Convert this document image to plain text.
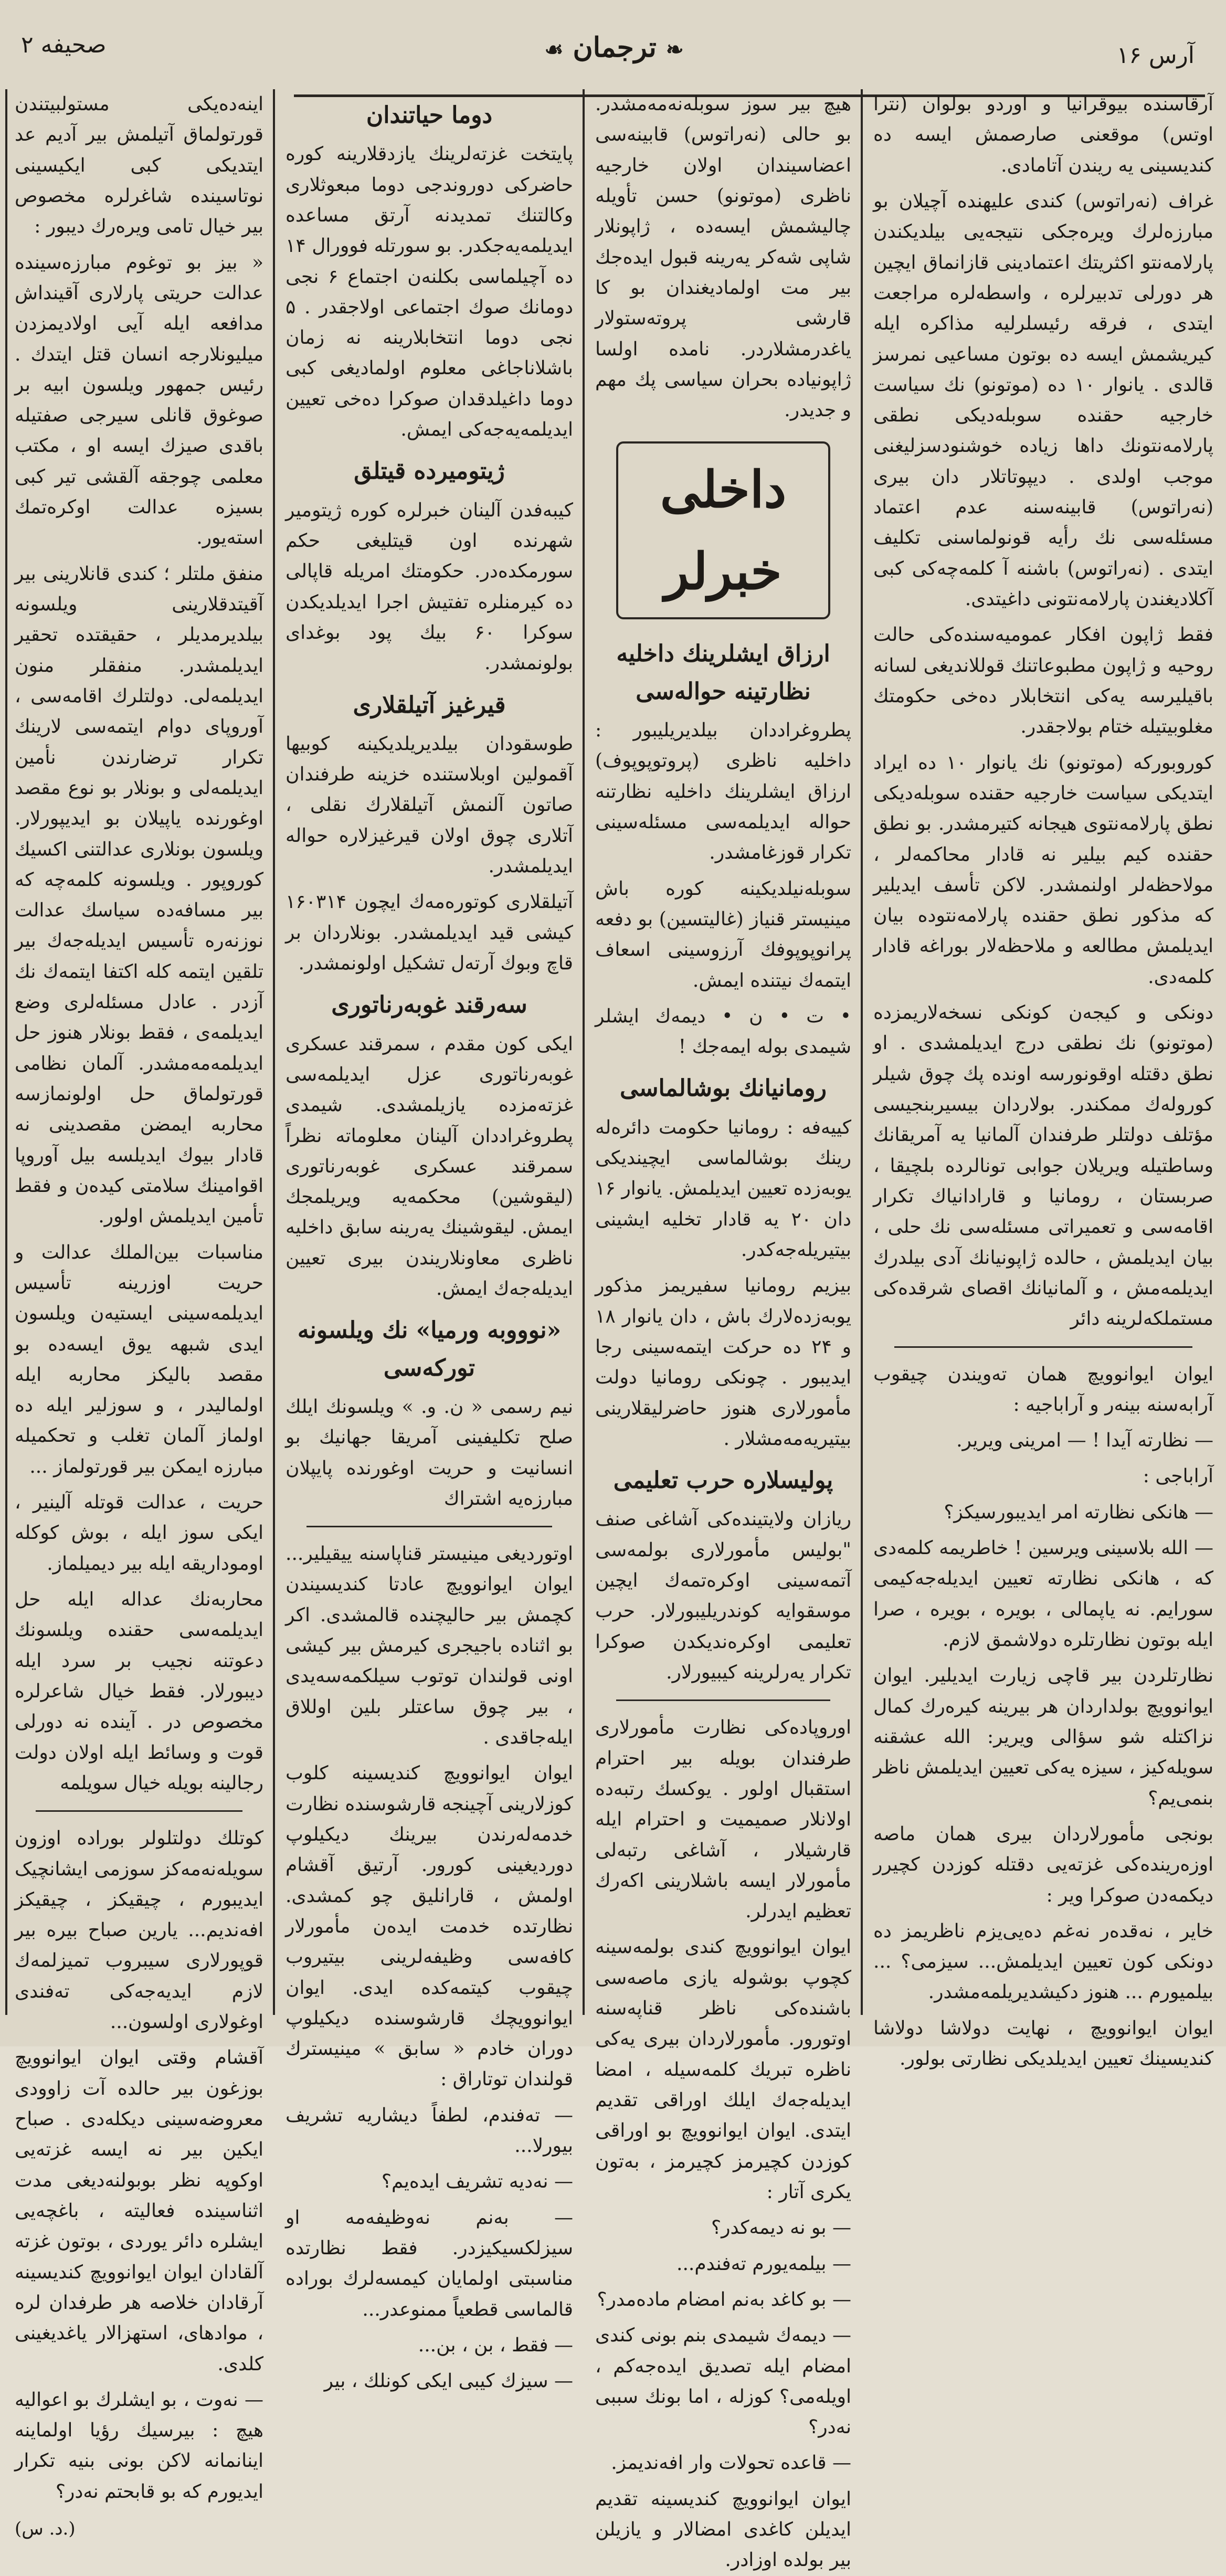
آرس ۱۶
❧ ترجمان ☙
صحیفه ۲

آرقاسنده بیوقرانیا و اوردو بولوان (نترا اوتس) موقعنی صارصمش ایسه ده کندیسینی یه ریندن آتامادی.

غراف (نه‌راتوس) کندی علیهنده آچیلان بو مبارزه‌لرك ویره‌جکی نتیجه‌یی بیلدیکندن پارلامه‌نتو اکثریتك اعتمادینی قازانماق ایچین هر دورلی تدبیرلره ، واسطه‌لره مراجعت ایتدی ، فرقه رئیسلرلیه مذاکره ایله کیریشمش ایسه ده بوتون مساعیی نمرسز قالدی . یانوار ۱۰ ده (موتونو) نك سیاست خارجیه حقنده سوبله‌دیکی نطقی پارلامه‌نتونك داها زیاده خوشنودسزلیغنی موجب اولدی . دیپوتاتلار دان بیری (نه‌راتوس) قابینه‌سنه عدم اعتماد مسئله‌سی نك رأیه قونولماسنی تکلیف ایتدی . (نه‌راتوس) باشنه آ کلمه‌چه‌کی کبی آکلادیغندن پارلامه‌نتونی داغیتدی.

فقط ژاپون افکار عمومیه‌سنده‌کی حالت روحیه و ژاپون مطبوعاتنك قوللانديغی لسانه باقیلیرسه یه‌کی انتخابلار ده‌خی حکومتك مغلوبیتیله ختام بولاجقدر.

کوروبورکه (موتونو) نك یانوار ۱۰ ده ایراد ایتدیکی سیاست خارجیه حقنده سوبله‌دیکی نطق پارلامه‌نتوی هیجانه کتیرمشدر. بو نطق حقنده کیم بیلیر نه قادار محاکمه‌لر ، مولاحظه‌لر اولنمشدر. لاکن تأسف ایدیلیر که مذکور نطق حقنده پارلامه‌نتوده بیان ایدیلمش مطالعه و ملاحظه‌لار بوراغه قادار کلمه‌دی.

دونکی و کیجه‌ن کونکی نسخه‌لاریمزده (موتونو) نك نطقی درج ایدیلمشدی . او نطق دقتله اوقونورسه اونده پك چوق شیلر کوروله‌ك ممکندر. بولاردان بیسیربنجیسی مؤتلف دولتلر طرفندان آلمانیا یه آمریقانك وساطتیله ویریلان جوابی تونالرده بلچیقا ، صربستان ، رومانیا و قارادانیاك تکرار اقامه‌سی و تعمیراتی مسئله‌سی نك حلی ، بیان ایدیلمش ، حالده ژاپونیانك آدی بیلدرك ایدیلمه‌مش ، و آلمانیانك اقصای شرقده‌کی مستملکه‌لرینه دائر

ایوان ایوانوویچ همان ته‌ویندن چیقوب آرابه‌سنه بینه‌ر و آراباجیه :

— نظارته آیدا ! — امرینی ویریر.

آراباجی :

— هانکی نظارته امر ایدیبورسیکز؟

— الله بلاسینی ویرسین ! خاطریمه کلمه‌دی که ، هانکی نظارته تعیین ایدیله‌جه‌کیمی سورایم. نه یاپمالی ، بویره ، بویره ، صرا ایله بوتون نظارتلره دولاشمق لازم.

نظارتلردن بیر قاچی زیارت ایدیلیر. ایوان ایوانوویچ بولداردان هر بیرینه کیره‌رك کمال نزاکتله شو سؤالی ویریر: الله عشقنه سویله‌کیز ، سیزه یه‌کی تعیین ایدیلمش ناظر بنمی‌یم؟

بونجی مأمورلاردان بیری همان ماصه اوزه‌رینده‌کی غزته‌یی دقتله کوزدن کچیرر دیکمه‌دن صوکرا ویر :

خایر ، نه‌قده‌ر نه‌غم ده‌یی‌یزم ناظریمز ده دونکی کون تعیین ایدیلمش... سیزمی؟ ... بیلمیورم ... هنوز دکیشدیریلمه‌مشدر.

ایوان ایوانوویچ ، نهایت دولاشا دولاشا کندیسینك تعیین ایدیلدیکی نظارتی بولور.

هیچ بیر سوز سوبله‌نه‌مه‌مشدر. بو حالی (نه‌راتوس) قابینه‌سی اعضاسیندان اولان خارجیه ناظری (موتونو) حسن تأویله چالیشمش ایسه‌ده ، ژاپونلار شاپی شه‌کر یه‌رینه قبول ایده‌جك بیر مت اولمادیغندان بو کا قارشی پروته‌ستولار یاغدرمشلاردر. نامده اولسا ژاپونیاده بحران سیاسی پك مهم و جدیدر.

داخلی خبرلر
ارزاق ایشلرینك داخلیه نظارتینه حواله‌سی

پطروغراددان بیلدیریلیبور : داخلیه ناظری (پروتوپوپوف) ارزاق ایشلرینك داخلیه نظارتنه حواله ایدیلمه‌سی مسئله‌سینی تکرار قوزغامشدر.

سوبله‌نیلدیکینه کوره باش مینیستر قنیاز (غالیتسین) بو دفعه پرانوپوپوفك آرزوسینی اسعاف ایتمه‌ك نیتنده ایمش.

• ت • ن • دیمه‌ك ایشلر شیمدی بوله ایمه‌جك !

رومانیانك بوشالماسی

کییه‌فه : رومانیا حکومت دائره‌له رینك بوشالماسی ایچیندیکی یوبه‌زده تعیین ایدیلمش. یانوار ۱۶ دان ۲۰ یه قادار تخلیه ایشینی بیتیریله‌جه‌کدر.

بیزیم رومانیا سفیریمز مذکور یوبه‌زده‌لارك باش ، دان یانوار ۱۸ و ۲۴ ده حرکت ایتمه‌سینی رجا ایدیبور . چونکی رومانیا دولت مأمورلاری هنوز حاضرلیقلارینی بیتیریه‌مه‌مشلار .

پولیسلاره حرب تعلیمی

ریازان ولایتینده‌کی آشاغی صنف "بولیس مأمورلاری بولمه‌سی آتمه‌سینی اوکره‌تمه‌ك ایچین موسقوایه کوندریلیبورلار. حرب تعلیمی اوکره‌ندیکدن صوکرا تکرار یه‌رلرینه کیبیورلار.

اوروپاده‌کی نظارت مأمورلاری طرفندان بویله بیر احترام استقبال اولور . یوکسك رتبه‌ده اولانلار صمیمیت و احترام ایله قارشیلار ، آشاغی رتبه‌لی مأمورلار ایسه باشلارینی اکه‌رك تعظیم ایدرلر.

ایوان ایوانوویچ کندی بولمه‌سینه کچوپ بوشوله یازی ماصه‌سی باشنده‌کی ناظر قناپه‌سنه اوتورور. مأمورلاردان بیری یه‌کی ناظره تبریك کلمه‌سیله ، امضا ایدیله‌جه‌ك ایلك اوراقی تقدیم ایتدی. ایوان ایوانوویچ بو اوراقی کوزدن کچیرمز کچیرمز ، به‌تون یکری آتار :

— بو نه دیمه‌کدر؟

— بیلمه‌یورم ته‌فندم...

— بو کاغد به‌نم امضام ماده‌مدر؟

— دیمه‌ك شیمدی بنم بونی کندی امضام ایله تصدیق ایده‌جه‌کم ، اویله‌می؟ کوزله ، اما بونك سببی نه‌در؟

— قاعده تحولات وار افه‌ندیمز.

ایوان ایوانوویچ کندیسینه تقدیم ایدیلن کاغدی امضالار و یازیلن بیر بولده اوزادر.

دوما حیاتندان

پایتخت غزته‌لرینك یازدقلارینه کوره حاضرکی دوروندجی دوما مبعوثلاری وکالتنك تمدیدنه آرتق مساعده ایدیلمه‌یه‌جکدر. بو سورتله فوورال ۱۴ ده آچیلماسی بکلنه‌ن اجتماع ۶ نجی دومانك صوك اجتماعی اولاجقدر . ۵ نجی دوما انتخابلارینه نه زمان باشلاناجاغی معلوم اولمادیغی کبی دوما داغیلدقدان صوکرا ده‌خی تعیین ایدیلمه‌یه‌جه‌کی ایمش.

ژیتومیرده قیتلق

کیبه‌فدن آلینان خبرلره کوره ژیتومیر شهرنده اون قیتلیغی حکم سورمکده‌در. حکومتك امریله قاپالی ده کیرمنلره تفتیش اجرا ایدیلدیکدن سوکرا ۶۰ بیك پود بوغدای بولونمشدر.

قیرغیز آتیلقلاری

طوسقودان بیلدیریلدیکینه کوبیها آقمولین اوبلاستنده خزینه طرفندان صاتون آلنمش آتیلقلارك نقلی ، آتلاری چوق اولان قیرغیزلاره حواله ایدیلمشدر.

آتیلقلاری کوتوره‌مه‌ك ایچون ۱۶۰۳۱۴ کیشی قید ایدیلمشدر. بونلاردان بر قاچ وبوك آرته‌ل تشکیل اولونمشدر.

سه‌رقند غوبه‌رناتوری

ایکی کون مقدم ، سمرقند عسکری غوبه‌رناتوری عزل ایدیلمه‌سی غزته‌مزده یازیلمشدی. شیمدی پطروغراددان آلینان معلوماته نظراً سمرقند عسکری غوبه‌رناتوری (لیقوشین) محکمه‌یه ویریلمجك ایمش. لیقوشینك یه‌رینه سابق داخلیه ناظری معاونلاریندن بیری تعیین ایدیله‌جه‌ك ایمش.

«نوووبه ورمیا» نك ویلسونه تورکه‌سی

نیم رسمی « ن. و. » ویلسونك ایلك صلح تکلیفینی آمریقا جهانیك بو انسانیت و حریت اوغورنده پایپلان مبارزه‌یه اشتراك

اوتوردیغی مینیستر قناپاسنه ییقیلیر... ایوان ایوانوویچ عادتا کندیسیندن کچمش بیر حالیچنده قالمشدی. اکر بو اثناده باجیجری کیرمش بیر کیشی اونی قولندان توتوب سیلکمه‌سه‌یدی ، بیر چوق ساعتلر بلین اوللاق ایله‌جاقدی .

ایوان ایوانوویچ کندیسینه کلوب کوزلارینی آچینجه قارشوسنده نظارت خدمه‌له‌رندن بیرینك دیکیلوپ دوردیغینی کورور. آرتیق آقشام اولمش ، قارانلیق چو کمشدی. نظارتده خدمت ایده‌ن مأمورلار کافه‌سی وظیفه‌لرینی بیتیروب چیقوب کیتمه‌کده ایدی. ایوان ایوانوویچك قارشوسنده دیکیلوپ دوران خادم « سابق » مینیسترك قولندان توتاراق :

— ته‌فندم، لطفاً دیشاریه تشریف بیورلا...

— نه‌دیه تشریف ایده‌یم؟

— به‌نم نه‌وظیفه‌مه او سیزلکسیکیزدر. فقط نظارتده مناسبتی اولمایان کیمسه‌لرك بوراده قالماسی قطعیاً ممنوعدر...

— فقط ، بن ، بن...

— سیزك کیبی ایکی کونلك ، بیر

اینه‌ده‌یکی مستولبیتندن قورتولماق آتیلمش بیر آدیم عد ایتدیکی کبی ایکیسینی نوتاسینده شاغرلره مخصوص بیر خیال تامی ویره‌رك دیبور :

« بیز بو توغوم مبارزه‌سینده عدالت حریتی پارلاری آقینداش مدافعه ایله آیی اولادیمزدن میلیونلارجه انسان قتل ایتدك . رئیس جمهور ویلسون ابیه بر صوغوق قانلی سیرجی صفتیله باقدی صیزك ایسه او ، مکتب معلمی چوجقه آلقشی تیر کبی بسیزه عدالت اوکره‌تمك استه‌یور.

منفق ملتلر ؛ کندی قانلارینی بیر آقیتدقلارینی ویلسونه بیلدیرمدیلر ، حقیقتده تحقیر ایدیلمشدر. منفقلر منون ایدیلمه‌لی. دولتلرك اقامه‌سی ، آوروپای دوام ایتمه‌سی لارینك تکرار ترضارندن نأمین ایدیلمه‌لی و بونلار بو نوع مقصد اوغورنده یاپیلان بو ایدیپورلار. ویلسون بونلاری عدالتنی اکسیك کوروپور . ویلسونه کلمه‌چه که بیر مسافه‌ده سیاسك عدالت نوزنه‌ره تأسیس ایدیله‌جه‌ك بیر تلقین ایتمه کله اکتفا ایتمه‌ك نك آزدر . عادل مسئله‌لری وضع ایدیلمه‌ی ، فقط بونلار هنوز حل ایدیلمه‌مه‌مشدر. آلمان نظامی قورتولماق حل اولونمازسه محاربه ایمضن مقصدینی نه قادار بیوك ایدیلسه بیل آوروپا اقوامینك سلامتی کیده‌ن و فقط تأمین ایدیلمش اولور.

مناسبات بین‌الملك عدالت و حریت اوزرینه تأسیس ایدیلمه‌سینی ایستیه‌ن ویلسون ایدی شبهه یوق ایسه‌ده بو مقصد بالیکز محاربه ایله اولمالیدر ، و سوزلیر ایله ده اولماز آلمان تغلب و تحکمیله مبارزه ایمکن بیر قورتولماز ...

حریت ، عدالت قوتله آلینیر ، ایکی سوز ایله ، بوش کوکله اوموداریقه ایله بیر دیمیلماز.

محاربه‌نك عداله ایله حل ایدیلمه‌سی حقنده ویلسونك دعوتنه نجیب بر سرد ایله دیبورلار. فقط خیال شاعرلره مخصوص در . آینده نه دورلی قوت و وسائط ایله اولان دولت رجالینه بویله خیال سویلمه

کوتلك دولتلو‌لر بوراده اوزون سویله‌نه‌مه‌کز سوزمی ایشانچیک ایدیبورم ، چیقیکز ، چیقیکز افه‌ندیم... یارین صباح بیره بیر قوپورلاری سیبروب تمیزلمه‌ك لازم ایدیه‌جه‌کی ته‌فندی اوغولاری اولسون...

آقشام وقتی ایوان ایوانوویچ بوزغون بیر حالده آت زاوودی معروضه‌سینی دیکله‌دی . صباح ایکین بیر نه ایسه غزته‌یی اوکوپه نظر بوبولنه‌دیغی مدت اثناسینده فعالیته ، باغچه‌یی ایشلره دائر یوردی ، بوتون غزته آلقادان ایوان ایوانوویچ کندیسینه آرقادان خلاصه هر طرفدان لره ، موادهای، استهزالار یاغدیغینی کلدی.

— نه‌وت ، بو ایشلرك بو اعوالیه هیچ : بیرسیك رؤیا اولماینه اینانمانه لاکن بونی بنیه تکرار ایدیورم که بو قابحتم نه‌در؟

(د. س.)
